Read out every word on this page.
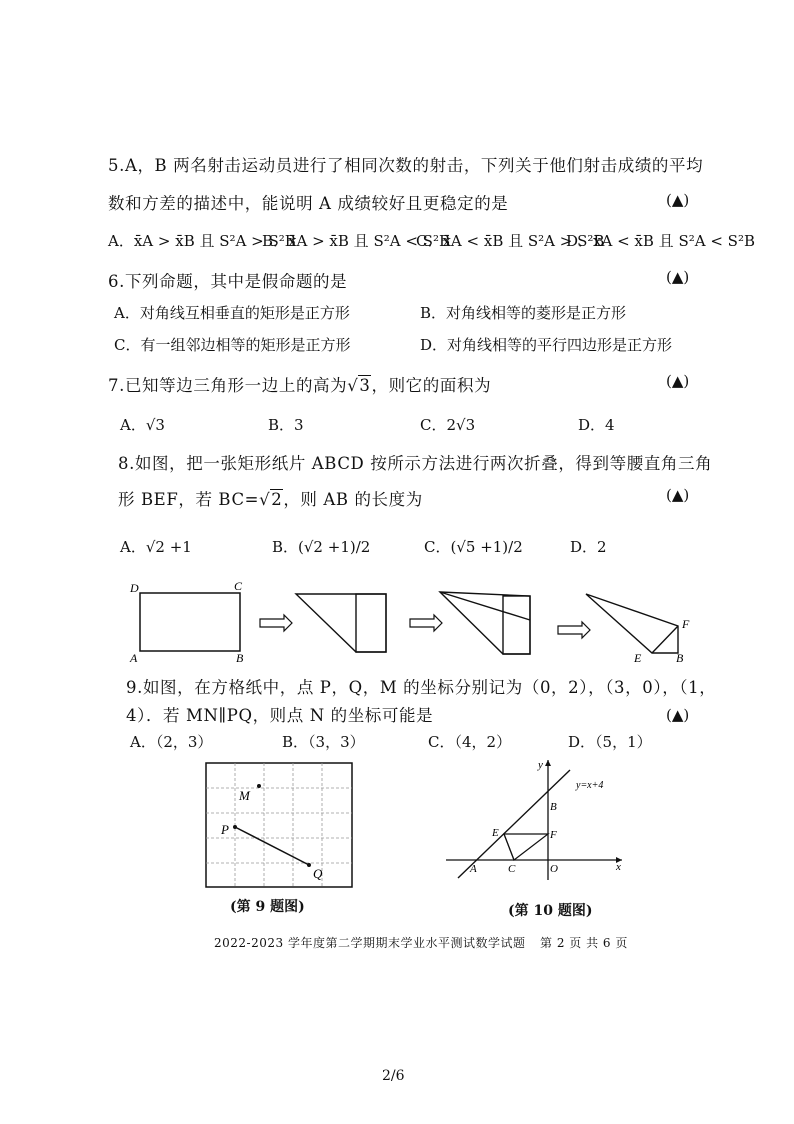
5.A，B 两名射击运动员进行了相同次数的射击，下列关于他们射击成绩的平均
数和方差的描述中，能说明 A 成绩较好且更稳定的是	(▲)
A．x̄A > x̄B 且 S²A > S²B
B．x̄A > x̄B 且 S²A < S²B
C．x̄A < x̄B 且 S²A > S²B
D．x̄A < x̄B 且 S²A < S²B
6.下列命题，其中是假命题的是	(▲)
A．对角线互相垂直的矩形是正方形	B．对角线相等的菱形是正方形
C．有一组邻边相等的矩形是正方形	D．对角线相等的平行四边形是正方形
7.已知等边三角形一边上的高为√3，则它的面积为	(▲)
A．√3	B．3	C．2√3	D．4
8.如图，把一张矩形纸片 ABCD 按所示方法进行两次折叠，得到等腰直角三角
形 BEF，若 BC=√2，则 AB 的长度为	(▲)
A．√2 +1	B．(√2 +1)/2	C．(√5 +1)/2	D．2
D	C
A	B
F
E	B
9.如图，在方格纸中，点 P，Q，M 的坐标分别记为（0，2），（3，0），（1，
4）．若 MN∥PQ，则点 N 的坐标可能是	(▲)
A．（2，3）	B．（3，3）	C．（4，2）	D．（5，1）
M
P
Q
(第 9 题图)
y
x
O
A
B
C
E	F
y=x+4
(第 10 题图)
2022-2023 学年度第二学期期末学业水平测试数学试题 第 2 页 共 6 页
2/6
